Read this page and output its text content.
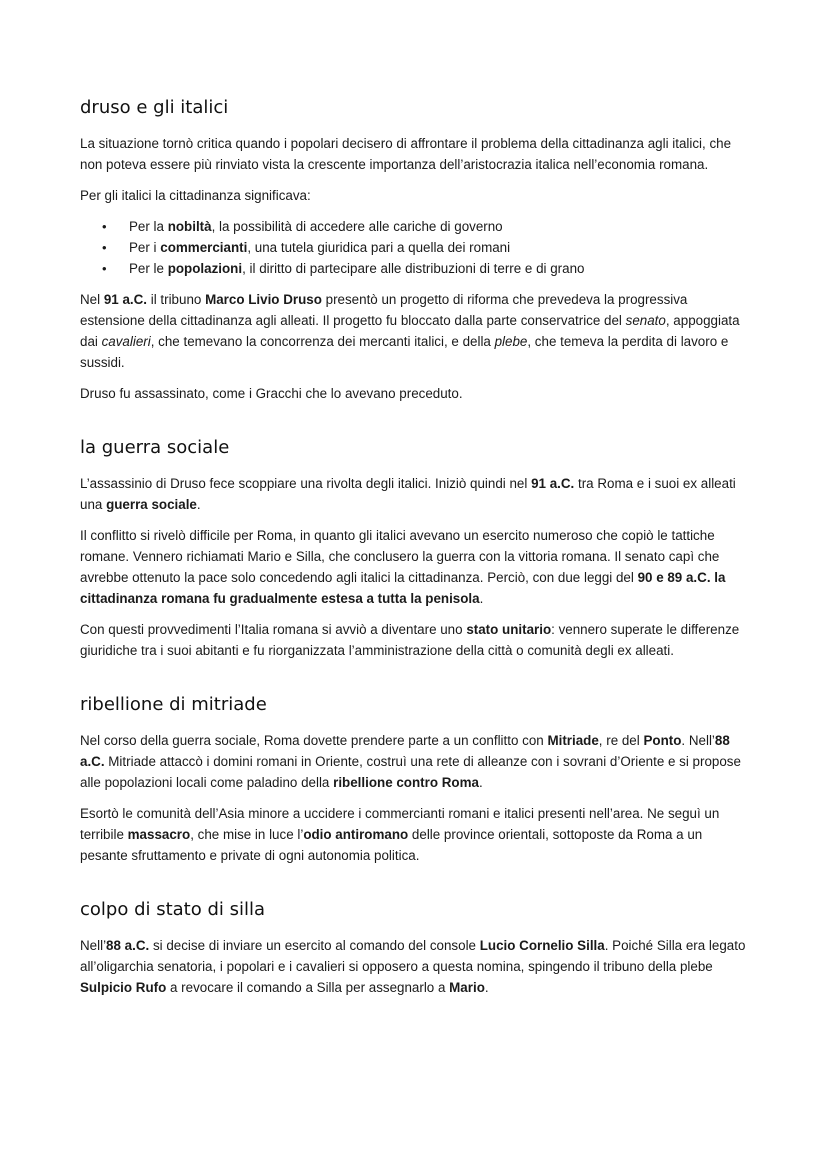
druso e gli italici

La situazione tornò critica quando i popolari decisero di affrontare il problema della cittadinanza agli italici, che non poteva essere più rinviato vista la crescente importanza dell’aristocrazia italica nell’economia romana.

Per gli italici la cittadinanza significava:

• Per la nobiltà, la possibilità di accedere alle cariche di governo
• Per i commercianti, una tutela giuridica pari a quella dei romani
• Per le popolazioni, il diritto di partecipare alle distribuzioni di terre e di grano

Nel 91 a.C. il tribuno Marco Livio Druso presentò un progetto di riforma che prevedeva la progressiva estensione della cittadinanza agli alleati. Il progetto fu bloccato dalla parte conservatrice del senato, appoggiata dai cavalieri, che temevano la concorrenza dei mercanti italici, e della plebe, che temeva la perdita di lavoro e sussidi.

Druso fu assassinato, come i Gracchi che lo avevano preceduto.

la guerra sociale

L’assassinio di Druso fece scoppiare una rivolta degli italici. Iniziò quindi nel 91 a.C. tra Roma e i suoi ex alleati una guerra sociale.

Il conflitto si rivelò difficile per Roma, in quanto gli italici avevano un esercito numeroso che copiò le tattiche romane. Vennero richiamati Mario e Silla, che conclusero la guerra con la vittoria romana. Il senato capì che avrebbe ottenuto la pace solo concedendo agli italici la cittadinanza. Perciò, con due leggi del 90 e 89 a.C. la cittadinanza romana fu gradualmente estesa a tutta la penisola.

Con questi provvedimenti l’Italia romana si avviò a diventare uno stato unitario: vennero superate le differenze giuridiche tra i suoi abitanti e fu riorganizzata l’amministrazione della città o comunità degli ex alleati.

ribellione di mitriade

Nel corso della guerra sociale, Roma dovette prendere parte a un conflitto con Mitriade, re del Ponto. Nell’88 a.C. Mitriade attaccò i domini romani in Oriente, costruì una rete di alleanze con i sovrani d’Oriente e si propose alle popolazioni locali come paladino della ribellione contro Roma.

Esortò le comunità dell’Asia minore a uccidere i commercianti romani e italici presenti nell’area. Ne seguì un terribile massacro, che mise in luce l’odio antiromano delle province orientali, sottoposte da Roma a un pesante sfruttamento e private di ogni autonomia politica.

colpo di stato di silla

Nell’88 a.C. si decise di inviare un esercito al comando del console Lucio Cornelio Silla. Poiché Silla era legato all’oligarchia senatoria, i popolari e i cavalieri si opposero a questa nomina, spingendo il tribuno della plebe Sulpicio Rufo a revocare il comando a Silla per assegnarlo a Mario.
